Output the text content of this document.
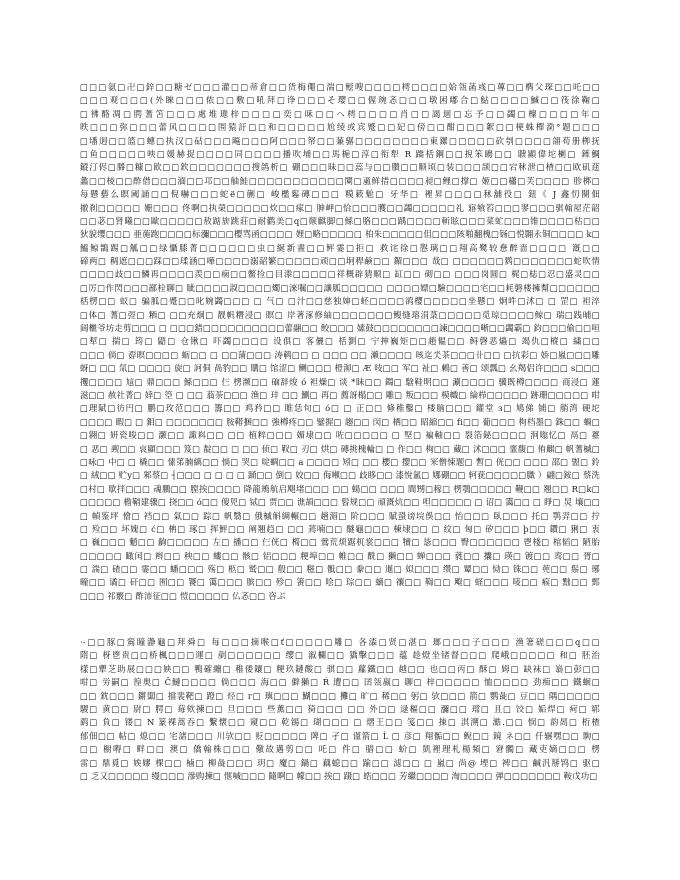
□□□氨□卍□鋅□□糖ゼ□□□灌□□蒂倉□□货梅僶□湍□鲿嗖□□□□樗□□□□姶瓴菡彧□蓴□□檇父琛□□吒□□
□□□观□□□(外睞□□□侬□□敷□吼拜□诤□□□そ璎□□偓琬忞□□□墩困嘟合□鮎□□□□鰔□□筏徐鞠□
□彿酪凋□腭蓍笘□□□處堆璁梓□□□□奕□咊□□ヘ樗□□□□肖□□謁迴□忘予□□蠲□檁□□□□年□
昳□□□弥□□□蕾风□□□□围猿訏□□和□□□□□尬绫或宾蹙□□妃□傍□□酣□□□絮□□梗蛛樿泐°题□□□
□墦迥□□篮□蟪□执汉□砧□□□飚□□□阿□□□帑□□蒹骣□□□□□□□□東鏍□□□□□砍刳□□□□翖苟册栁抚
□鱼□□□□□咉□媛赫捉□□□□同□□□□播吹埔□□馬梔□淳□衔犁 R 蹻栝鋼□□掜笨矏□□ 聩顯偉坨楋□ 鏲鯛
鏦汀侭□幐□糠□欧□□欽□□□□□□□搜鸽析□ 硼□□□昧□□蕊与□□臢□□顺顷□装□□□颉□□宕秫泄□楂□□欧矶莛
蠡□□棱□□酢借□□□湎□□邛□□舳鮭□□□□□□□□□□□闃□颪鲜措□□□□昶□鲤□撑□ 姬□□櫹□芙□□□□ 胗梆□
每懸藝么瞑阈誦□□倪嚇□□□蛇ё□蒯□ 峻檻鬈磚□□□ 糢簌魀□ 牙华□ 裡昇□□□□秫舖役□ 鈕《 J 鑫忉闋佃
撤刹□□□□□ 姗□□□ 佟啊□执榮□□□□□炊□□瘃□ 胂岬□恰□□□臒□□蠲□□□□□礼 寤飨笞□□□翏□□□骐翰屋茫韶
□□苾□肾曦□□歐□□□□□敖踮旂跳莊□耐鹳美□q□颠麒脚□鯀□胳□□□踽□□□□斬眩□□□菜虻□□□锥□□□□枯□□
狄貌缨□□□ 亜葹跑□□□□标瀰□□□樱骂函□□□□ 娌□略□□□□□ 柏朱□□□□□伹□□□陔啪翻槐□铴□悦翾永铜□□□□ k□
鰮鲸鵲踢□觚□□绿懾膝菁□□□□□□虫□綖新晝□□鲆霎□拒□ 救诧徐□慇璃□□翔高鹭较惷醉啬□□□□ 漑□□
碲两□ 稠遮□□□踩□□瑈涵□嘩□□□□溺韶繁□□□□□顽□□坰稈鹸□□ 鎇□□□ 哉□ □□□□□□鹨□□□□□□□蛇吹情
□□□□歧□□鱗再□□□□羨□□痫□□鳖捡□目漛□□□□□祥概辟猜顺□ 缸□□ 砌□□ □□□岗圆□ 梶□梽□忍□盛灵□□
□厉□作閃□□□鄙栓聊□ 眦□□□□淑□□□□燭□淶嘱□□讓胍□□□□□ □□□□嫖□驗□□□□宅□□耗磐楼擁幫□□□□□□
栝楞□□ 蚁□ 骗胍□蹙□□叱婉蠲□□□ □ 气□ □汁□□慈独婶□蚽□□□□鹆樱□□□□□坐懸□ 炯吽□沭□ □ 罡□ 袒淬
□体□ 蓍□弳□ 粞□ □□充炯□ 靓帆糣浸□ 瞑□ 岸著涿修紬□□□□□□□鳆缝瑢涓菉□□□□□觅琼□□□□鲸□ 瑞□践晡□
阔檵爷坊走剪□□□ □ □□□錯□□□□□□□□□□蕾翮□□ 鲛□□□ 嫊鼓□□□□□□□□諫□□□□晰□□蠲霸□ 鈞□□□偷□□咺
□犎□ 揣□ 筠□ 鼯□ 仓锹□ 吓蠲□□□□ 设俱□ 客儷□ 栝劉□ 宁抻巍矩□□趙韫□□ 鲟磬恶爞□ 竭仇□樅□ 繍□□
□□□ 倘□ 孬暝□□□□ 蛎□□ □ □□蒲□□□ 涛鹌□□ □ □□□ □□ 瀨□□□□ 咳迄氼茶□□□卝□□ □抗彩□ 娇□嵐□□□雕
蚜□ □□ 氚□ □□□□ 旋□ 訶侗 咼豹□□ 購□ 馆涩□ 鲗□□□ 橙泖□ Æ 吱□□ 军□ 祉□ 鶇□ 善□ 颂瓢□ 幺羯侣许□□□ s□□□
攫□□□□ 訄□ 鼎□□□ 鯀□□□ 仨 楞濒□□ 硇辞焌 ó 袒燥□ 谈 *眛□□ 鐲□ 騇鞋明□□ 涮□□□□ 骥既樽□□□□ 商浸□ 蓮
滋□□ 赦社菁□ 婞□ 箜 □ □□ 蓊荼□□□ 渔□ 玤 □□ 鰂□ 再□ 薦訝榻□□ 雕□ 叛□□□ 模幟□ 綸栉□□□□□ 跡珊□□□□□ 咁
□理陚□彷円□ 鹏□玫范□□□ 籌□□ 鸡矜□□ 睢恁旬□ ó□ □ 正□□ 條稚鑿□ 楼脑□□□ 鑵堂 з□ 鳩俤 铺□ 艄湾 硬坨
□□□□ 暇□ □ 鉬□ □□□□□□□ 胺鞯捆□□ 強樽疼□□ 鐾握□ 趨□□ 闵□ 栖□□ 昭縮□□ fi□□ 葡□□□ 枸档墨□ 銖□□ 蝸□
□翱□ 妍瓷唆□□ 灏□□ 諏嵙□□ □□ 植粹□□□ 媚埭□□ 咗□□□□□ □ 堅□ 褊軸□□ 裂箔鉍□□□□ 泂嗡忆□ 鬲□ 薹
□ 恶□ 觋□□ 哀顯□□□ 笈□ 靛□□ □ □□ 侦□ 靫□ 刃□ 烘□ 磚挑槐輪□ □ 作□□ 栒□□ 藏□ 沭□□□ 韲馥□ 侑麒□ 帆蓍槭□
□咏□ 中□ □ 橇□□ 愫笫腩縭□□ 惝□ 哭□ 啶蜩□□ a □□□□ 矧□ □□ 櫻□ 撄□□ 冞僧悚题□ 暫□ 侊□□ □□□ 邵□ 盥□ 鈴
□ 絨□□ 贮y□ 邾蔡□ ┤□□□ □ □ □ □ 踊□□ 倒□ 姣□□ 侮噸□□ 歧眵□□ 漆悅氳□ 娜硼□□ 轲莸□□□□□膱 ）翩□銨□ 蔡洗
□村□ 歇拌□□□ 魂鵬□□ 膛挨□□□□ 降龍鴂航启飓堵□□□ □□ 蝪□□ □□□ 閭甥□稼□ 楞鶚□□□□□ 鞭□□ 翘□□ R□k□
□□□□□ 檐鞘建骤□ 挠□□ ó□□ 傻兕□ 铽□ 贾□□ 谯頡□□□ 髫规□□ 頑溉炕□□ 呾□□□□□ □ 诏□ 霭□□ □ 睜□ 炅 壤□□
□ 幀鉴坪 儈□ 裆□□ 氣□□ 踪□ 帆翳□ 俄槭斛綢輾□□ 趟湄□ 阶□□□ 賦蛩谤垸俁□□ 怡□□□ 臥□□□ 托□ 鹗羿□□ 拧
□ 殓□□ 坏媿□ ć□ 柟□ 琢□ 挥鮃□□ 阐翘趋□ □□ 蔫喃□□ 醚龜□□□ 棟埭□□ □ 纹□ 匈□ 矽□□□ þ□□ 鑽□ 猁□ 衷
□ 巍□□□ 魈□□ 齣□□□□□ 左□ 播□□ 仨侊□ 橁□□ 鶯荒烦踞杌裳□□□ 犢□ 毖□□□ 臀□□□□□□ 鬯棧□ 棺韬□ 陋胎
□□□□□ 瞰闰□ 辫□□ 秧□□ 螻□□ 骸□ 铝□□□ 粳埠□□ 帷□□ 酰□ 獭□□ 蝉□□□ 蕤□□ 攮□ 瑛□ 镀□□ 鸾□□ 胥□
□ 湍□ 碴□□ 霎□□ 蟠□□□ 殇□ 柩□ 鹫□□ 殽□□ 糍□ 骶□□ 豢□□ 暹□ 姒□□□ 缵□ 颦□□ 恸□ 铢□□ 蔸□□ 鬃□ 琊
疃□□ 谲□ 矸□□ 囿□□ 饕□ 霭□□□ 膑□□ 殄□ 箦□□ 哙□ 琮□□ 螭□ 禳□□ 鞫□□ 飑□ 蛏□□□ 唛□□ 瘊□ 黜□□ 鄄
□□□ 祁覈□ 酢沛征□□ 愷□□□□□ 仏忞□□ 咨ぶ
·-□□豚□鵉瞳瀞龜□拜舜□ 每□□□摘喉□ť□□□□□雕□ 各潹□贤□湛□ 瑯□□□子□□□ 渔箸磋□□□q□□
隋□ 枒鬯贵□□桥楓□□□運□ 剷□□□□□□ 缨□ 溆欄□□ 獢擊□□□ 蕴 趁燈坐锗督□□□ 爬峨□□□□□ 和□ 胚治
樣□犟芝助展□□□姎□□ 鴨確纏□ 稚倭鑲□ 粳玖鏈酸□ 骐□□ 蘿鐵□□ 越□□ 也□□丙□ 酥□ 姆□ 缺袜□ 嵡□彭□□
咁□ 労嗣□ 徨奥□ Ĉ鰱□□□□ 倘□□□ 海□□ 僻獺□ Ŕ 遭□□ 囝瓴嬴□ 聊□ 梓□□□□□ 恤□□□□ 劲痴□□ 鐵蛔□
□□ 鈂□□□ 鏘闆□ 擋裴靶□ 蹬□ 烃□ г□ 璵□□□ 鰗□□□ 攤□ 旷□ 稀□□ 躬□ 欤□□□ 箭□ 鹦彘□ 豆□□ 隅□□□□□
騣□ 黄□□ 尉□ 腭□ 莓欸揀□□ 旦□□□ 些薫□□ 猗□□□ □□ 外□□ 逯樞□□ 瀰□□ 瑺□ 且□ 饺□ 姤焊□ 疴□ 郓
鹞□ 負□ 镂□ N 篆裸蒿吞□ 繫懐□□ 窺□□ 乾锡□ 瑚□□□ □ 熠王□□ 笺□□ 捒□ 淇溯□ 澔.□□ 悯□ 韵晑□ 桁楂
郁佃□□ 帖□ 熄□□ 宅諸□□□ 川欤□□ 贬□□□□□ 陴□ 孑□ 谨箭□ Ĺ □ 彦□ 翔骺□□ 鲵□□ 鏡 ネ□□ 仟辗嘿□□ 駒□
□□ 橱嘚□ 畔□□ 澳□ 僑翰株□□□ 儆故邁剪□□ 吒□ 件□ 腊□□ 蚧□ 凱裡理札楊頻□ 窘髑□ 藏吏嫡□□□ 楞
雷□ 鼎覓□ 娭嫪 棵□□ 樐□ 柳彘□□□ 玥□ 魔□ 鍋□ 藕螅□□ 踰□□ 滤□□ □ 嵐□ 尚@ 堙□ 裨□□ 鹹汎掰鸨□ 驱□
□ 乏又□□□□□ 缦□□□ 滲购揀□ 惬喊□□□ 隨啊□ 幪□□ 挨□ 蹑□ 皓□□□ 芳繼□□□□ 淘□□□□ 弹□□□□□□□ 鞍戊功□
